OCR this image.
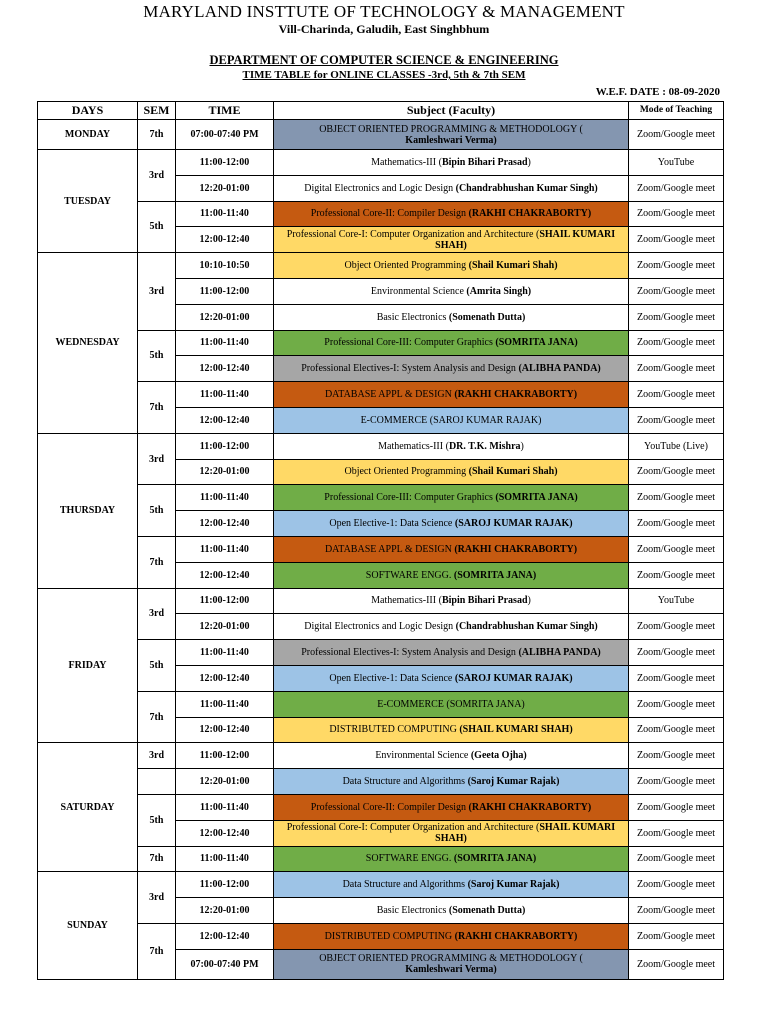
MARYLAND INSTTUTE OF TECHNOLOGY & MANAGEMENT
Vill-Charinda, Galudih, East Singhbhum
DEPARTMENT OF COMPUTER SCIENCE & ENGINEERING
TIME TABLE for ONLINE CLASSES -3rd, 5th & 7th SEM
W.E.F. DATE : 08-09-2020
DAYS	SEM	TIME	Subject (Faculty)	Mode of Teaching
MONDAY	7th	07:00-07:40 PM	OBJECT ORIENTED PROGRAMMING & METHODOLOGY (
Kamleshwari Verma)	Zoom/Google meet
TUESDAY	3rd	11:00-12:00	Mathematics-III (Bipin Bihari Prasad)	YouTube
		12:20-01:00	Digital Electronics and Logic Design (Chandrabhushan Kumar Singh)	Zoom/Google meet
	5th	11:00-11:40	Professional Core-II: Compiler Design (RAKHI CHAKRABORTY)	Zoom/Google meet
		12:00-12:40	Professional Core-I: Computer Organization and Architecture (SHAIL KUMARI SHAH)	Zoom/Google meet
WEDNESDAY	3rd	10:10-10:50	Object Oriented Programming (Shail Kumari Shah)	Zoom/Google meet
		11:00-12:00	Environmental Science (Amrita Singh)	Zoom/Google meet
		12:20-01:00	Basic Electronics (Somenath Dutta)	Zoom/Google meet
	5th	11:00-11:40	Professional Core-III: Computer Graphics (SOMRITA JANA)	Zoom/Google meet
		12:00-12:40	Professional Electives-I: System Analysis and Design (ALIBHA PANDA)	Zoom/Google meet
	7th	11:00-11:40	DATABASE APPL & DESIGN (RAKHI CHAKRABORTY)	Zoom/Google meet
		12:00-12:40	E-COMMERCE (SAROJ KUMAR RAJAK)	Zoom/Google meet
THURSDAY	3rd	11:00-12:00	Mathematics-III (DR. T.K. Mishra)	YouTube (Live)
		12:20-01:00	Object Oriented Programming (Shail Kumari Shah)	Zoom/Google meet
	5th	11:00-11:40	Professional Core-III: Computer Graphics (SOMRITA JANA)	Zoom/Google meet
		12:00-12:40	Open Elective-1: Data Science (SAROJ KUMAR RAJAK)	Zoom/Google meet
	7th	11:00-11:40	DATABASE APPL & DESIGN (RAKHI CHAKRABORTY)	Zoom/Google meet
		12:00-12:40	SOFTWARE ENGG. (SOMRITA JANA)	Zoom/Google meet
FRIDAY	3rd	11:00-12:00	Mathematics-III (Bipin Bihari Prasad)	YouTube
		12:20-01:00	Digital Electronics and Logic Design (Chandrabhushan Kumar Singh)	Zoom/Google meet
	5th	11:00-11:40	Professional Electives-I: System Analysis and Design (ALIBHA PANDA)	Zoom/Google meet
		12:00-12:40	Open Elective-1: Data Science (SAROJ KUMAR RAJAK)	Zoom/Google meet
	7th	11:00-11:40	E-COMMERCE (SOMRITA JANA)	Zoom/Google meet
		12:00-12:40	DISTRIBUTED COMPUTING (SHAIL KUMARI SHAH)	Zoom/Google meet
SATURDAY	3rd	11:00-12:00	Environmental Science (Geeta Ojha)	Zoom/Google meet
		12:20-01:00	Data Structure and Algorithms (Saroj Kumar Rajak)	Zoom/Google meet
	5th	11:00-11:40	Professional Core-II: Compiler Design (RAKHI CHAKRABORTY)	Zoom/Google meet
		12:00-12:40	Professional Core-I: Computer Organization and Architecture (SHAIL KUMARI SHAH)	Zoom/Google meet
	7th	11:00-11:40	SOFTWARE ENGG. (SOMRITA JANA)	Zoom/Google meet
SUNDAY	3rd	11:00-12:00	Data Structure and Algorithms (Saroj Kumar Rajak)	Zoom/Google meet
		12:20-01:00	Basic Electronics (Somenath Dutta)	Zoom/Google meet
	7th	12:00-12:40	DISTRIBUTED COMPUTING (RAKHI CHAKRABORTY)	Zoom/Google meet
		07:00-07:40 PM	OBJECT ORIENTED PROGRAMMING & METHODOLOGY (
Kamleshwari Verma)	Zoom/Google meet
